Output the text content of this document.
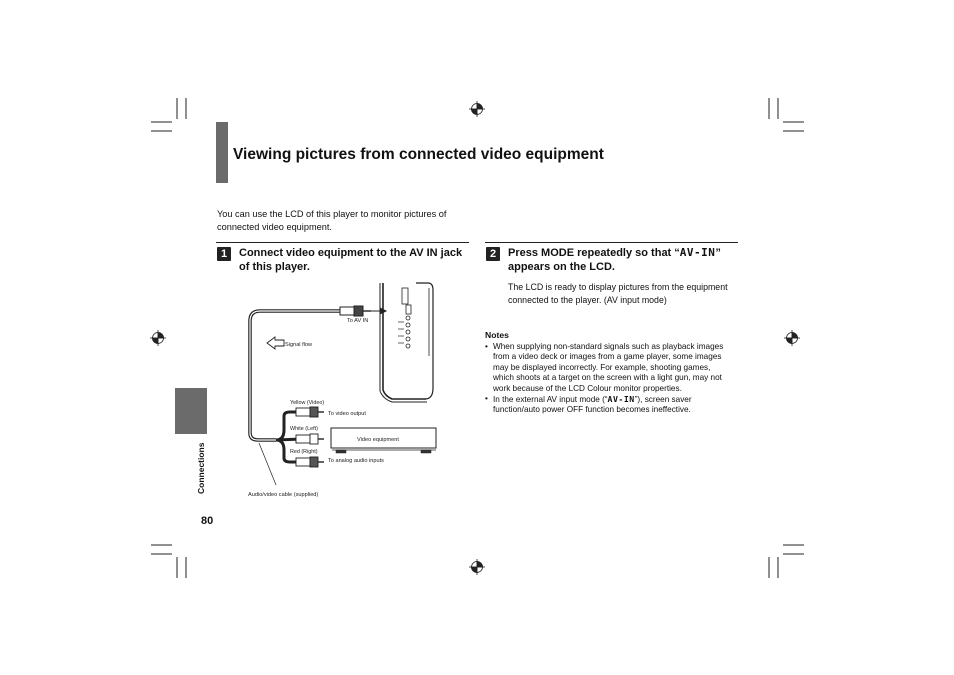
Viewing pictures from connected video equipment
You can use the LCD of this player to monitor pictures of connected video equipment.
1	Connect video equipment to the AV IN jack of this player.
2	Press MODE repeatedly so that “AV-IN” appears on the LCD.
The LCD is ready to display pictures from the equipment connected to the player. (AV input mode)
Notes
• When supplying non-standard signals such as playback images from a video deck or images from a game player, some images may be displayed incorrectly. For example, shooting games, which shoots at a target on the screen with a light gun, may not work because of the LCD Colour monitor properties.
• In the external AV input mode (“AV-IN”), screen saver function/auto power OFF function becomes ineffective.
Connections
80
To AV IN
Signal flow
Yellow (Video)
To video output
White (Left)
Red (Right)
To analog audio inputs
Video equipment
Audio/video cable (supplied)
